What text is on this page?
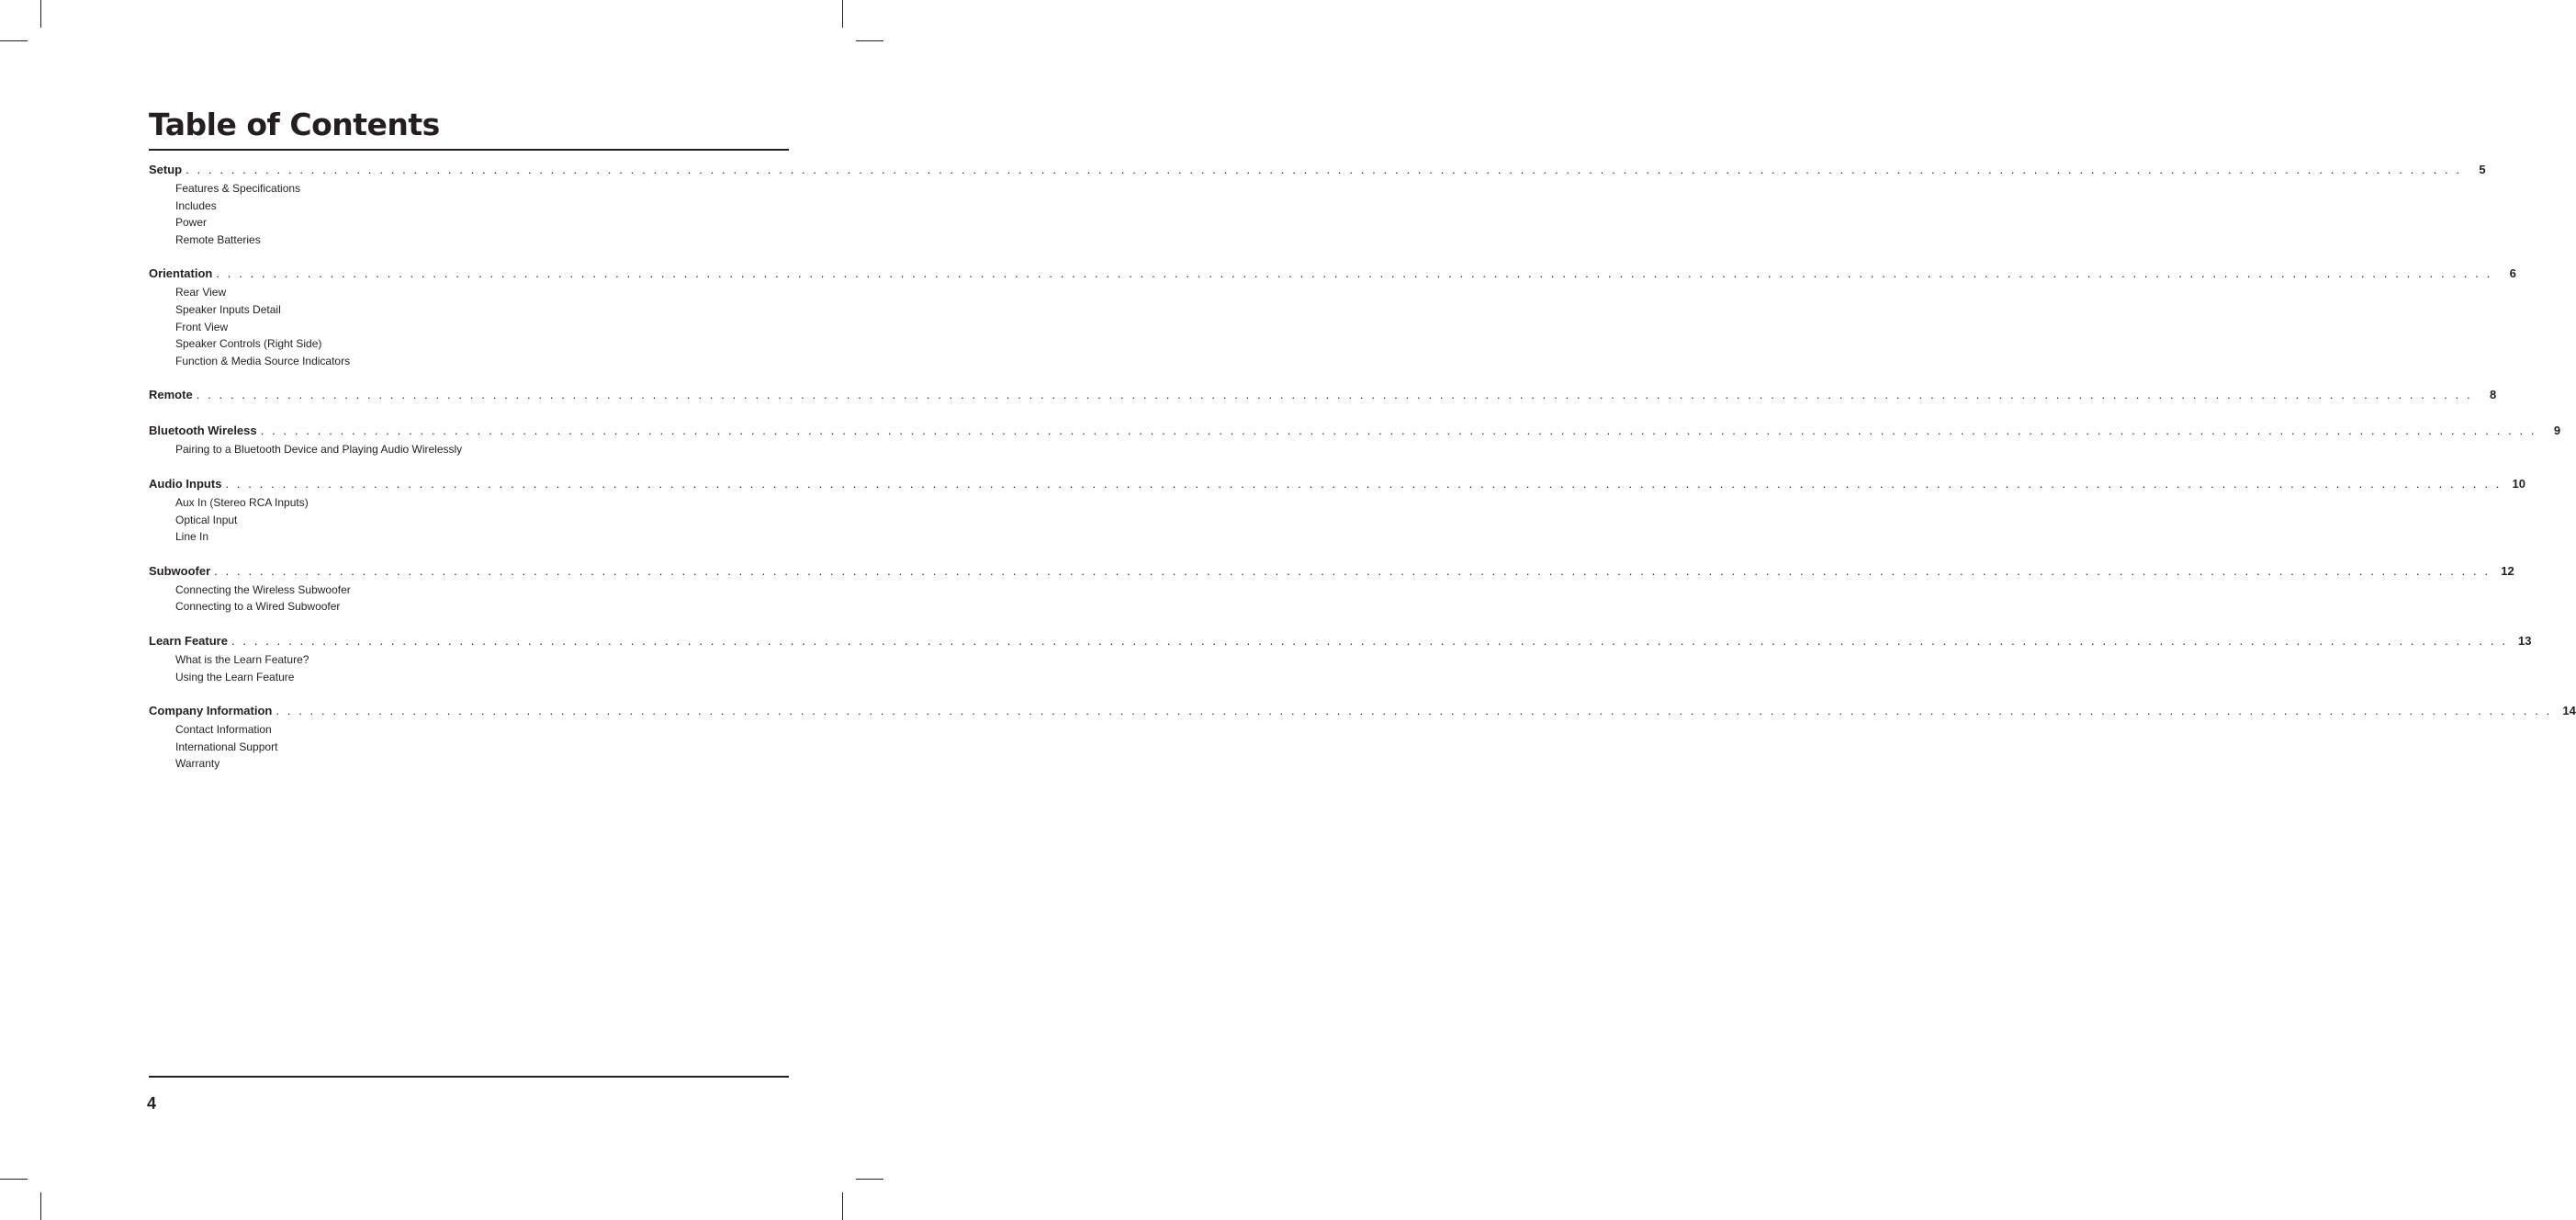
Table of Contents
Setup . . . . . . . . . . . . . . . . . . . . . . . . . . . . . . . . . . . . . . . . . . . . . . . . . . . . . . . . . . . . . . . . . . . . . . . . . . . . . . . . . . . . . . . . . . . . . . . . . . . . . . . . . . . . . . . . . . . . . . . . . . . . . . . . . . . . . . . . . . . . . . . . . . . . . . . . . . . . . . . . . . . . . . . . . . . . . . . . . . . . . . . . . . . . . . . . . . . . . . . .	5
Features & Specifications
Includes
Power
Remote Batteries
Orientation . . . . . . . . . . . . . . . . . . . . . . . . . . . . . . . . . . . . . . . . . . . . . . . . . . . . . . . . . . . . . . . . . . . . . . . . . . . . . . . . . . . . . . . . . . . . . . . . . . . . . . . . . . . . . . . . . . . . . . . . . . . . . . . . . . . . . . . . . . . . . . . . . . . . . . . . . . . . . . . . . . . . . . . . . . . . . . . . . . . . . . . . . . . . . . . . . . . . . . . .	6
Rear View
Speaker Inputs Detail
Front View
Speaker Controls (Right Side)
Function & Media Source Indicators
Remote . . . . . . . . . . . . . . . . . . . . . . . . . . . . . . . . . . . . . . . . . . . . . . . . . . . . . . . . . . . . . . . . . . . . . . . . . . . . . . . . . . . . . . . . . . . . . . . . . . . . . . . . . . . . . . . . . . . . . . . . . . . . . . . . . . . . . . . . . . . . . . . . . . . . . . . . . . . . . . . . . . . . . . . . . . . . . . . . . . . . . . . . . . . . . . . . . . . . . . . .	8
Bluetooth Wireless . . . . . . . . . . . . . . . . . . . . . . . . . . . . . . . . . . . . . . . . . . . . . . . . . . . . . . . . . . . . . . . . . . . . . . . . . . . . . . . . . . . . . . . . . . . . . . . . . . . . . . . . . . . . . . . . . . . . . . . . . . . . . . . . . . . . . . . . . . . . . . . . . . . . . . . . . . . . . . . . . . . . . . . . . . . . . . . . . . . . . . . . . . . . . . . . . . . . . . . .	9
Pairing to a Bluetooth Device and Playing Audio Wirelessly
Audio Inputs . . . . . . . . . . . . . . . . . . . . . . . . . . . . . . . . . . . . . . . . . . . . . . . . . . . . . . . . . . . . . . . . . . . . . . . . . . . . . . . . . . . . . . . . . . . . . . . . . . . . . . . . . . . . . . . . . . . . . . . . . . . . . . . . . . . . . . . . . . . . . . . . . . . . . . . . . . . . . . . . . . . . . . . . . . . . . . . . . . . . . . . . . . . . . . . . . . . . . . . . 10
Aux In (Stereo RCA Inputs)
Optical Input
Line In
Subwoofer . . . . . . . . . . . . . . . . . . . . . . . . . . . . . . . . . . . . . . . . . . . . . . . . . . . . . . . . . . . . . . . . . . . . . . . . . . . . . . . . . . . . . . . . . . . . . . . . . . . . . . . . . . . . . . . . . . . . . . . . . . . . . . . . . . . . . . . . . . . . . . . . . . . . . . . . . . . . . . . . . . . . . . . . . . . . . . . . . . . . . . . . . . . . . . . . . . . . . . . . 12
Connecting the Wireless Subwoofer
Connecting to a Wired Subwoofer
Learn Feature . . . . . . . . . . . . . . . . . . . . . . . . . . . . . . . . . . . . . . . . . . . . . . . . . . . . . . . . . . . . . . . . . . . . . . . . . . . . . . . . . . . . . . . . . . . . . . . . . . . . . . . . . . . . . . . . . . . . . . . . . . . . . . . . . . . . . . . . . . . . . . . . . . . . . . . . . . . . . . . . . . . . . . . . . . . . . . . . . . . . . . . . . . . . . . . . . . . . . . . . 13
What is the Learn Feature?
Using the Learn Feature
Company Information . . . . . . . . . . . . . . . . . . . . . . . . . . . . . . . . . . . . . . . . . . . . . . . . . . . . . . . . . . . . . . . . . . . . . . . . . . . . . . . . . . . . . . . . . . . . . . . . . . . . . . . . . . . . . . . . . . . . . . . . . . . . . . . . . . . . . . . . . . . . . . . . . . . . . . . . . . . . . . . . . . . . . . . . . . . . . . . . . . . . . . . . . . . . . . . . . . . . . . . . 14
Contact Information
International Support
Warranty
4
